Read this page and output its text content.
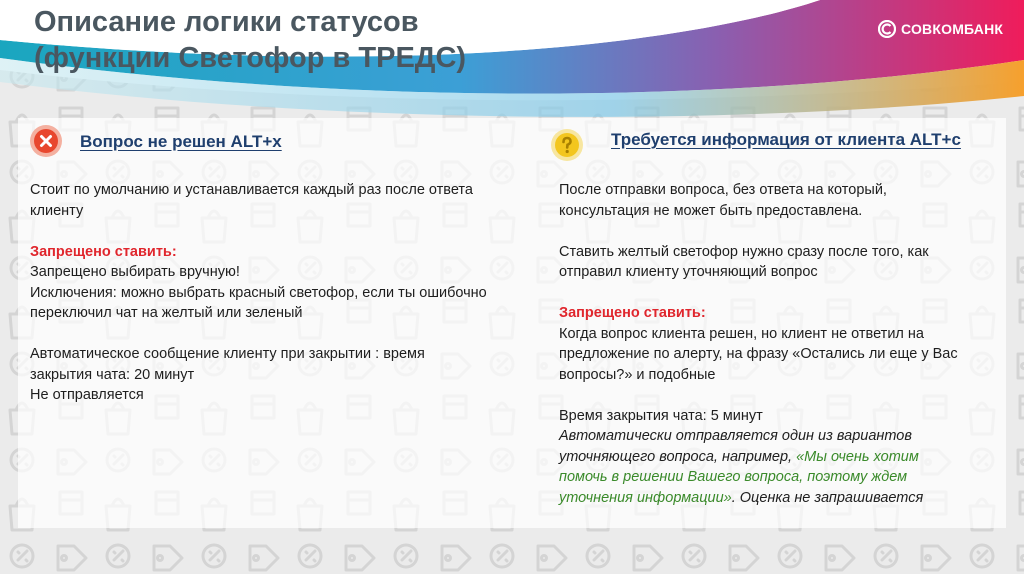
Описание логики статусов
(функции Светофор в ТРЕДС)
СОВКОМБАНК
Вопрос не решен ALT+x	Требуется информация от клиента ALT+c

Стоит по умолчанию и устанавливается каждый раз после ответа

клиенту

Запрещено ставить:

Запрещено выбирать вручную!

Исключения: можно выбрать красный светофор, если ты ошибочно

переключил чат на желтый или зеленый

Автоматическое сообщение клиенту при закрытии : время

закрытия чата: 20 минут

Не отправляется

После отправки вопроса, без ответа на который,

консультация не может быть предоставлена.

Ставить желтый светофор нужно сразу после того, как

отправил клиенту уточняющий вопрос

Запрещено ставить:

Когда вопрос клиента решен, но клиент не ответил на

предложение по алерту, на фразу «Остались ли еще у Вас

вопросы?» и подобные

Время закрытия чата: 5 минут

Автоматически отправляется один из вариантов

уточняющего вопроса, например, «Мы очень хотим

помочь в решении Вашего вопроса, поэтому ждем

уточнения информации». Оценка не запрашивается
